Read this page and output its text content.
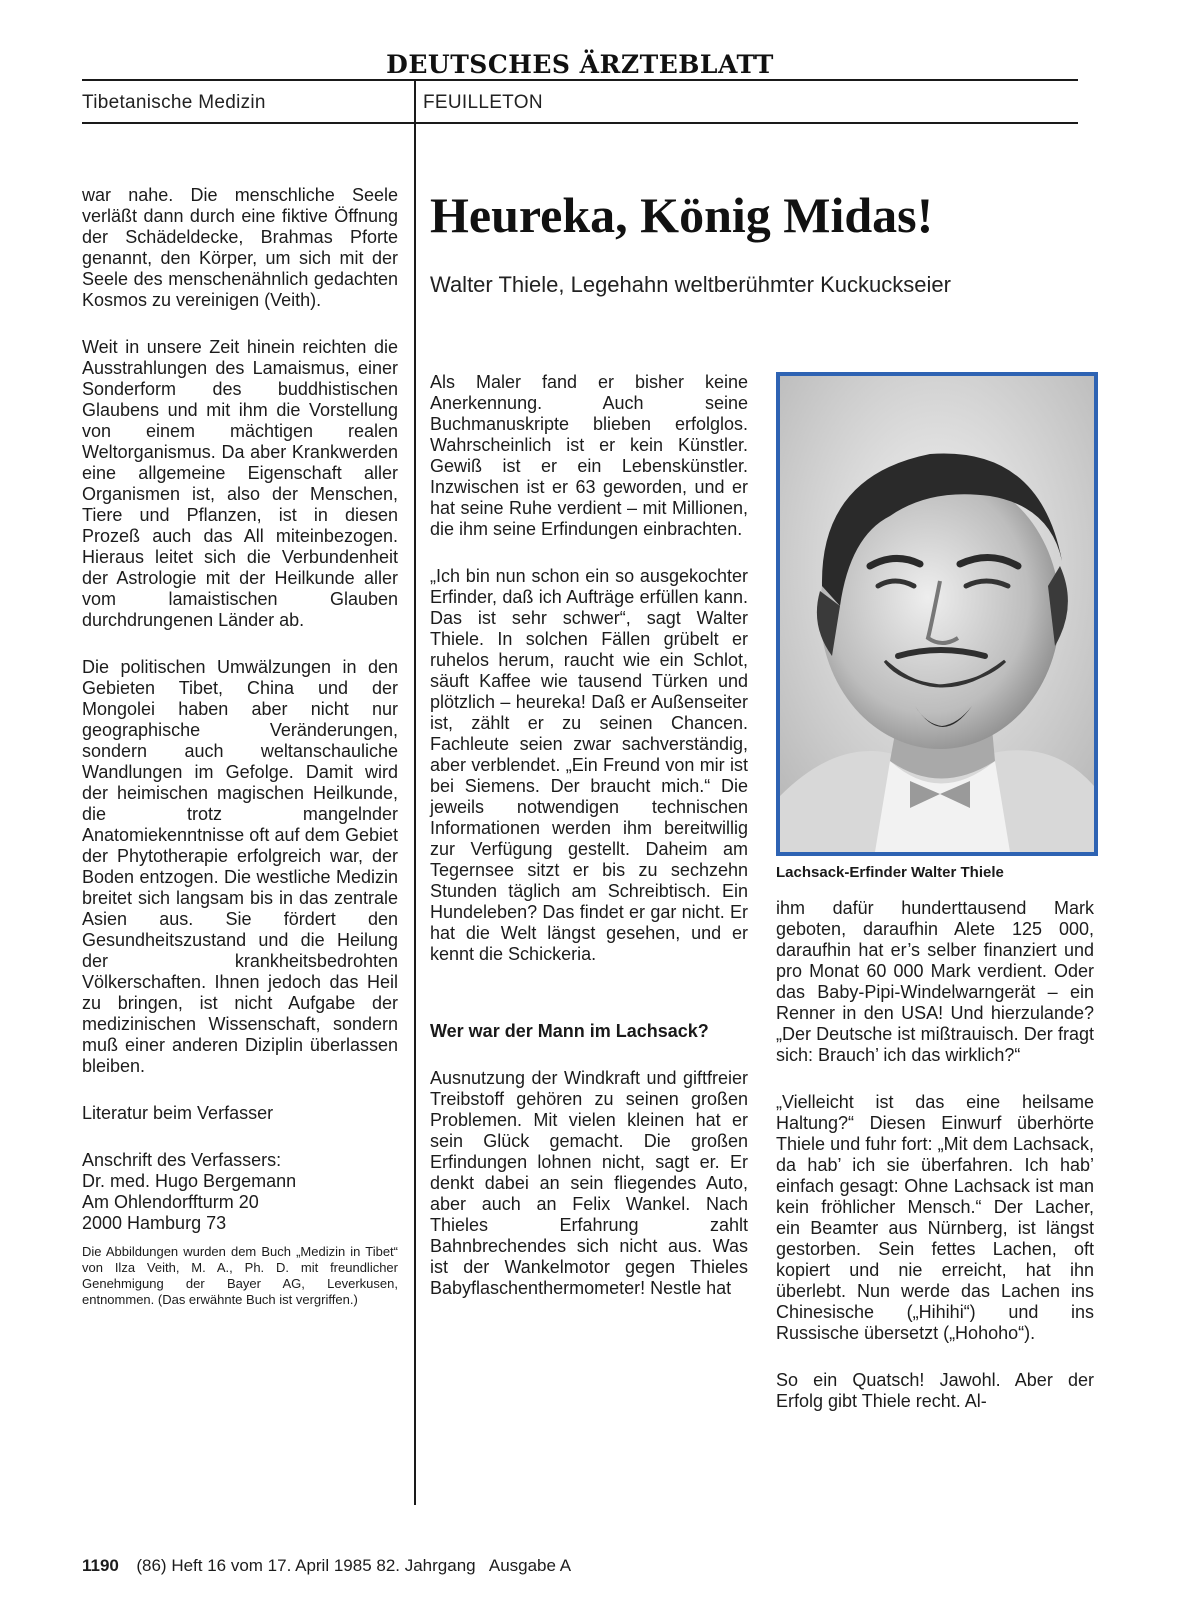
DEUTSCHES ÄRZTEBLATT
Tibetanische Medizin	FEUILLETON
Heureka, König Midas!
Walter Thiele, Legehahn weltberühmter Kuckuckseier

war nahe. Die menschliche Seele verläßt dann durch eine fiktive Öffnung der Schädeldecke, Brahmas Pforte genannt, den Körper, um sich mit der Seele des menschenähnlich gedachten Kosmos zu vereinigen (Veith).

Weit in unsere Zeit hinein reichten die Ausstrahlungen des Lamaismus, einer Sonderform des buddhistischen Glaubens und mit ihm die Vorstellung von einem mächtigen realen Weltorganismus. Da aber Krankwerden eine allgemeine Eigenschaft aller Organismen ist, also der Menschen, Tiere und Pflanzen, ist in diesen Prozeß auch das All miteinbezogen. Hieraus leitet sich die Verbundenheit der Astrologie mit der Heilkunde aller vom lamaistischen Glauben durchdrungenen Länder ab.

Die politischen Umwälzungen in den Gebieten Tibet, China und der Mongolei haben aber nicht nur geographische Veränderungen, sondern auch weltanschauliche Wandlungen im Gefolge. Damit wird der heimischen magischen Heilkunde, die trotz mangelnder Anatomiekenntnisse oft auf dem Gebiet der Phytotherapie erfolgreich war, der Boden entzogen. Die westliche Medizin breitet sich langsam bis in das zentrale Asien aus. Sie fördert den Gesundheitszustand und die Heilung der krankheitsbedrohten Völkerschaften. Ihnen jedoch das Heil zu bringen, ist nicht Aufgabe der medizinischen Wissenschaft, sondern muß einer anderen Diziplin überlassen bleiben.

Literatur beim Verfasser

Anschrift des Verfassers:
Dr. med. Hugo Bergemann
Am Ohlendorffturm 20
2000 Hamburg 73

Die Abbildungen wurden dem Buch „Medizin in Tibet“ von Ilza Veith, M. A., Ph. D. mit freundlicher Genehmigung der Bayer AG, Leverkusen, entnommen. (Das erwähnte Buch ist vergriffen.)

Als Maler fand er bisher keine Anerkennung. Auch seine Buchmanuskripte blieben erfolglos. Wahrscheinlich ist er kein Künstler. Gewiß ist er ein Lebenskünstler. Inzwischen ist er 63 geworden, und er hat seine Ruhe verdient – mit Millionen, die ihm seine Erfindungen einbrachten.

„Ich bin nun schon ein so ausgekochter Erfinder, daß ich Aufträge erfüllen kann. Das ist sehr schwer“, sagt Walter Thiele. In solchen Fällen grübelt er ruhelos herum, raucht wie ein Schlot, säuft Kaffee wie tausend Türken und plötzlich – heureka! Daß er Außenseiter ist, zählt er zu seinen Chancen. Fachleute seien zwar sachverständig, aber verblendet. „Ein Freund von mir ist bei Siemens. Der braucht mich.“ Die jeweils notwendigen technischen Informationen werden ihm bereitwillig zur Verfügung gestellt. Daheim am Tegernsee sitzt er bis zu sechzehn Stunden täglich am Schreibtisch. Ein Hundeleben? Das findet er gar nicht. Er hat die Welt längst gesehen, und er kennt die Schickeria.

Wer war der Mann im Lachsack?

Ausnutzung der Windkraft und giftfreier Treibstoff gehören zu seinen großen Problemen. Mit vielen kleinen hat er sein Glück gemacht. Die großen Erfindungen lohnen nicht, sagt er. Er denkt dabei an sein fliegendes Auto, aber auch an Felix Wankel. Nach Thieles Erfahrung zahlt Bahnbrechendes sich nicht aus. Was ist der Wankelmotor gegen Thieles Babyflaschenthermometer! Nestle hat

Lachsack-Erfinder Walter Thiele

ihm dafür hunderttausend Mark geboten, daraufhin Alete 125 000, daraufhin hat er’s selber finanziert und pro Monat 60 000 Mark verdient. Oder das Baby-Pipi-Windelwarngerät – ein Renner in den USA! Und hierzulande? „Der Deutsche ist mißtrauisch. Der fragt sich: Brauch’ ich das wirklich?“

„Vielleicht ist das eine heilsame Haltung?“ Diesen Einwurf überhörte Thiele und fuhr fort: „Mit dem Lachsack, da hab’ ich sie überfahren. Ich hab’ einfach gesagt: Ohne Lachsack ist man kein fröhlicher Mensch.“ Der Lacher, ein Beamter aus Nürnberg, ist längst gestorben. Sein fettes Lachen, oft kopiert und nie erreicht, hat ihn überlebt. Nun werde das Lachen ins Chinesische („Hihihi“) und ins Russische übersetzt („Hohoho“).

So ein Quatsch! Jawohl. Aber der Erfolg gibt Thiele recht. Al-

1190 (86) Heft 16 vom 17. April 1985 82. Jahrgang   Ausgabe A
